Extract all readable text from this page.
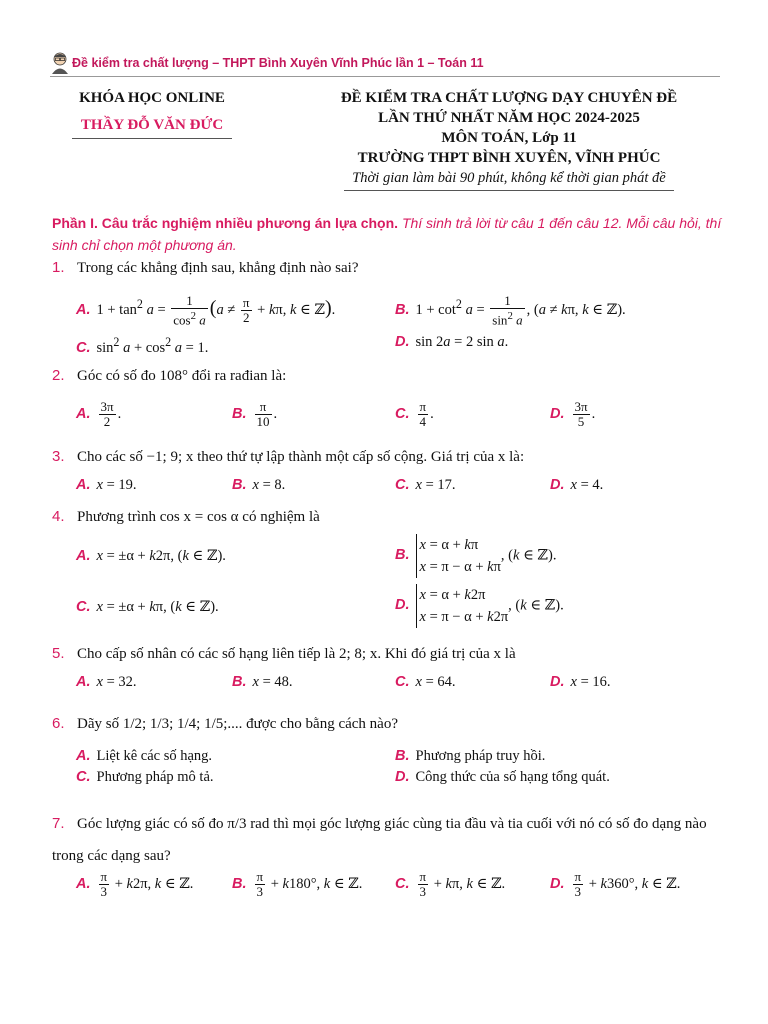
Đề kiểm tra chất lượng – THPT Bình Xuyên Vĩnh Phúc lần 1 – Toán 11
KHÓA HỌC ONLINE
THẦY ĐỖ VĂN ĐỨC
ĐỀ KIỂM TRA CHẤT LƯỢNG DẠY CHUYÊN ĐỀ
LẦN THỨ NHẤT NĂM HỌC 2024-2025
MÔN TOÁN, Lớp 11
TRƯỜNG THPT BÌNH XUYÊN, VĨNH PHÚC
Thời gian làm bài 90 phút, không kể thời gian phát đề
Phần I. Câu trắc nghiệm nhiều phương án lựa chọn. Thí sinh trả lời từ câu 1 đến câu 12. Mỗi câu hỏi, thí sinh chỉ chọn một phương án.
1. Trong các khẳng định sau, khẳng định nào sai?
A. $1 + \tan^2 a = \frac{1}{\cos^2 a} (a \ne \frac{\pi}{2} + k\pi$, k ∈ ℤ).	B. $1 + \cot^2 a = \frac{1}{\sin^2 a}$ , (a ≠ kπ, k ∈ ℤ).
C. $\sin^2 a + \cos^2 a = 1$.	D. sin 2a = 2 sin a.
2. Góc có số đo 108° đổi ra rađian là:
A. $\frac{3\pi}{2}$ .	B. $\frac{\pi}{10}$ .	C. $\frac{\pi}{4}$ .	D. $\frac{3\pi}{5}$ .
3. Cho các số −1; 9; x theo thứ tự lập thành một cấp số cộng. Giá trị của x là:
A. x = 19.	B. x = 8.	C. x = 17.	D. x = 4.
4. Phương trình cos x = cos α có nghiệm là
A. x = ±α + k2π, (k ∈ ℤ).	B.x = α + kπ
x = π − α + kπ, (k ∈ ℤ).
C. x = ±α + kπ, (k ∈ ℤ).	D.x = α + k2π
x = π − α + k2π, (k ∈ ℤ).
5. Cho cấp số nhân có các số hạng liên tiếp là 2; 8; x. Khi đó giá trị của x là
A. x = 32.	B. x = 48.	C. x = 64.	D. x = 16.
6. Dãy số 1/2; 1/3; 1/4; 1/5;.... được cho bằng cách nào?
A. Liệt kê các số hạng.	B. Phương pháp truy hồi.
C. Phương pháp mô tả.	D. Công thức của số hạng tổng quát.
7. Góc lượng giác có số đo π/3 rad thì mọi góc lượng giác cùng tia đầu và tia cuối với nó có số đo dạng nào trong các dạng sau?
A. $\frac{\pi}{3} + k2\pi$, k ∈ ℤ.	B. $\frac{\pi}{3} + k180^\circ$, k ∈ ℤ. C. $\frac{\pi}{3} + k\pi$, k ∈ ℤ.	D. $\frac{\pi}{3} + k360^\circ$, k ∈ ℤ.
